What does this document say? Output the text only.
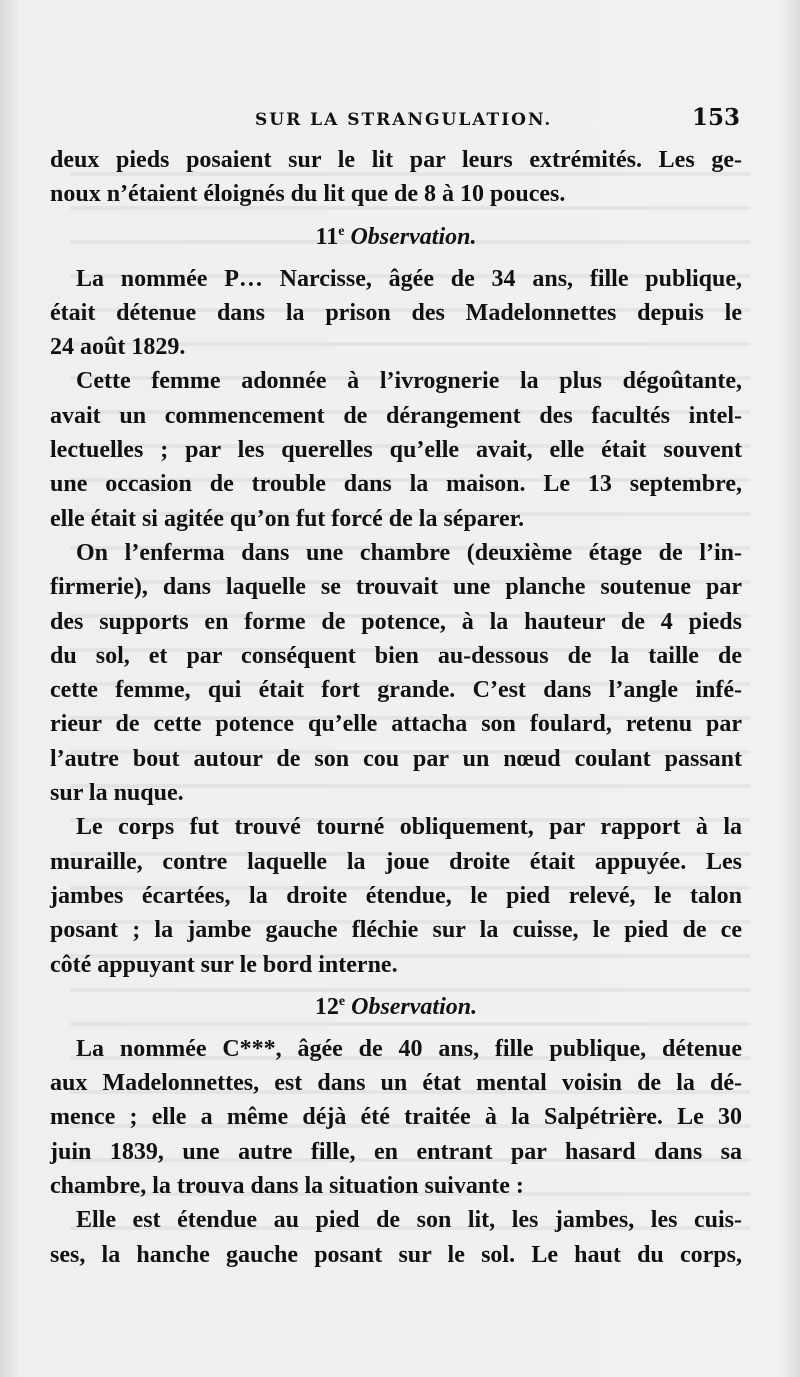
SUR LA STRANGULATION.	153
deux pieds posaient sur le lit par leurs extrémités. Les ge-
noux n’étaient éloignés du lit que de 8 à 10 pouces.
11e Observation.
La nommée P… Narcisse, âgée de 34 ans, fille publique,
était détenue dans la prison des Madelonnettes depuis le
24 août 1829.
Cette femme adonnée à l’ivrognerie la plus dégoûtante,
avait un commencement de dérangement des facultés intel-
lectuelles ; par les querelles qu’elle avait, elle était souvent
une occasion de trouble dans la maison. Le 13 septembre,
elle était si agitée qu’on fut forcé de la séparer.
On l’enferma dans une chambre (deuxième étage de l’in-
firmerie), dans laquelle se trouvait une planche soutenue par
des supports en forme de potence, à la hauteur de 4 pieds
du sol, et par conséquent bien au-dessous de la taille de
cette femme, qui était fort grande. C’est dans l’angle infé-
rieur de cette potence qu’elle attacha son foulard, retenu par
l’autre bout autour de son cou par un nœud coulant passant
sur la nuque.
Le corps fut trouvé tourné obliquement, par rapport à la
muraille, contre laquelle la joue droite était appuyée. Les
jambes écartées, la droite étendue, le pied relevé, le talon
posant ; la jambe gauche fléchie sur la cuisse, le pied de ce
côté appuyant sur le bord interne.
12e Observation.
La nommée C***, âgée de 40 ans, fille publique, détenue
aux Madelonnettes, est dans un état mental voisin de la dé-
mence ; elle a même déjà été traitée à la Salpétrière. Le 30
juin 1839, une autre fille, en entrant par hasard dans sa
chambre, la trouva dans la situation suivante :
Elle est étendue au pied de son lit, les jambes, les cuis-
ses, la hanche gauche posant sur le sol. Le haut du corps,
